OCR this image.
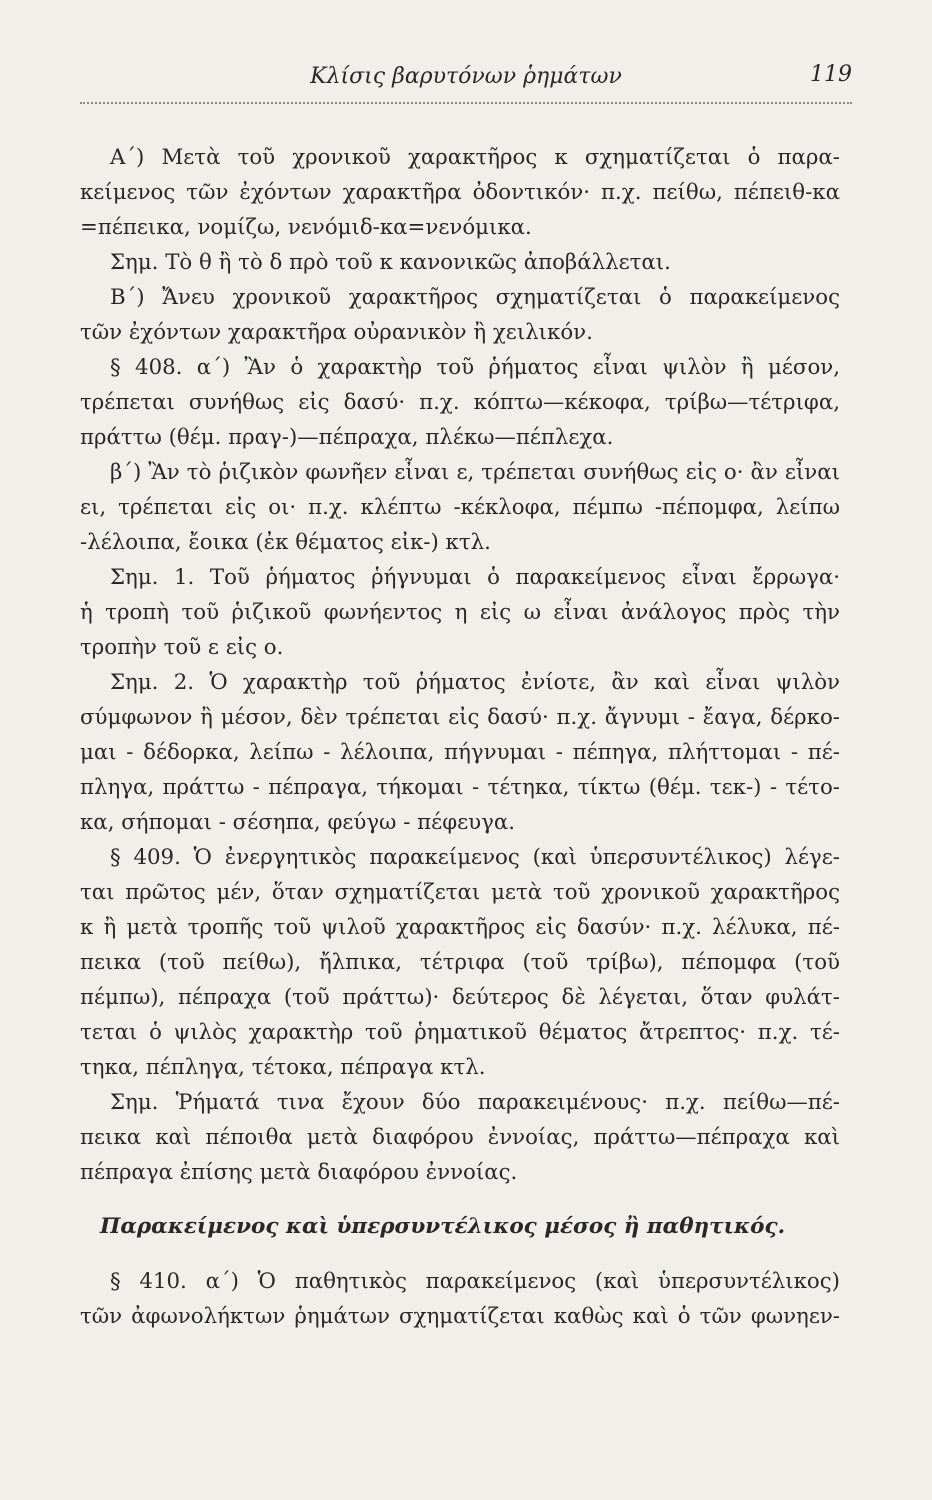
Κλίσις βαρυτόνων ῥημάτων	119
Α΄) Μετὰ τοῦ χρονικοῦ χαρακτῆρος κ σχηματίζεται ὁ παρα-
κείμενος τῶν ἐχόντων χαρακτῆρα ὀδοντικόν· π.χ. πείθω, πέπειθ-κα
=πέπεικα, νομίζω, νενόμιδ-κα=νενόμικα.
Σημ. Τὸ θ ἢ τὸ δ πρὸ τοῦ κ κανονικῶς ἀποβάλλεται.
Β΄) Ἄνευ χρονικοῦ χαρακτῆρος σχηματίζεται ὁ παρακείμενος
τῶν ἐχόντων χαρακτῆρα οὐρανικὸν ἢ χειλικόν.
§ 408. α΄) Ἂν ὁ χαρακτὴρ τοῦ ῥήματος εἶναι ψιλὸν ἢ μέσον,
τρέπεται συνήθως εἰς δασύ· π.χ. κόπτω—κέκοφα, τρίβω—τέτριφα,
πράττω (θέμ. πραγ-)—πέπραχα, πλέκω—πέπλεχα.
β΄) Ἂν τὸ ῥιζικὸν φωνῆεν εἶναι ε, τρέπεται συνήθως εἰς ο· ἂν εἶναι
ει, τρέπεται εἰς οι· π.χ. κλέπτω -κέκλοφα, πέμπω -πέπομφα, λείπω
-λέλοιπα, ἔοικα (ἐκ θέματος εἰκ-) κτλ.
Σημ. 1. Τοῦ ῥήματος ῥήγνυμαι ὁ παρακείμενος εἶναι ἔρρωγα·
ἡ τροπὴ τοῦ ῥιζικοῦ φωνήεντος η εἰς ω εἶναι ἀνάλογος πρὸς τὴν
τροπὴν τοῦ ε εἰς ο.
Σημ. 2. Ὁ χαρακτὴρ τοῦ ῥήματος ἐνίοτε, ἂν καὶ εἶναι ψιλὸν
σύμφωνον ἢ μέσον, δὲν τρέπεται εἰς δασύ· π.χ. ἄγνυμι - ἔαγα, δέρκο-
μαι - δέδορκα, λείπω - λέλοιπα, πήγνυμαι - πέπηγα, πλήττομαι - πέ-
πληγα, πράττω - πέπραγα, τήκομαι - τέτηκα, τίκτω (θέμ. τεκ-) - τέτο-
κα, σήπομαι - σέσηπα, φεύγω - πέφευγα.
§ 409. Ὁ ἐνεργητικὸς παρακείμενος (καὶ ὑπερσυντέλικος) λέγε-
ται πρῶτος μέν, ὅταν σχηματίζεται μετὰ τοῦ χρονικοῦ χαρακτῆρος
κ ἢ μετὰ τροπῆς τοῦ ψιλοῦ χαρακτῆρος εἰς δασύν· π.χ. λέλυκα, πέ-
πεικα (τοῦ πείθω), ἤλπικα, τέτριφα (τοῦ τρίβω), πέπομφα (τοῦ
πέμπω), πέπραχα (τοῦ πράττω)· δεύτερος δὲ λέγεται, ὅταν φυλάτ-
τεται ὁ ψιλὸς χαρακτὴρ τοῦ ῥηματικοῦ θέματος ἄτρεπτος· π.χ. τέ-
τηκα, πέπληγα, τέτοκα, πέπραγα κτλ.
Σημ. Ῥήματά τινα ἔχουν δύο παρακειμένους· π.χ. πείθω—πέ-
πεικα καὶ πέποιθα μετὰ διαφόρου ἐννοίας, πράττω—πέπραχα καὶ
πέπραγα ἐπίσης μετὰ διαφόρου ἐννοίας.
Παρακείμενος καὶ ὑπερσυντέλικος μέσος ἢ παθητικός.
§ 410. α΄) Ὁ παθητικὸς παρακείμενος (καὶ ὑπερσυντέλικος)
τῶν ἀφωνολήκτων ῥημάτων σχηματίζεται καθὼς καὶ ὁ τῶν φωνηεν-
